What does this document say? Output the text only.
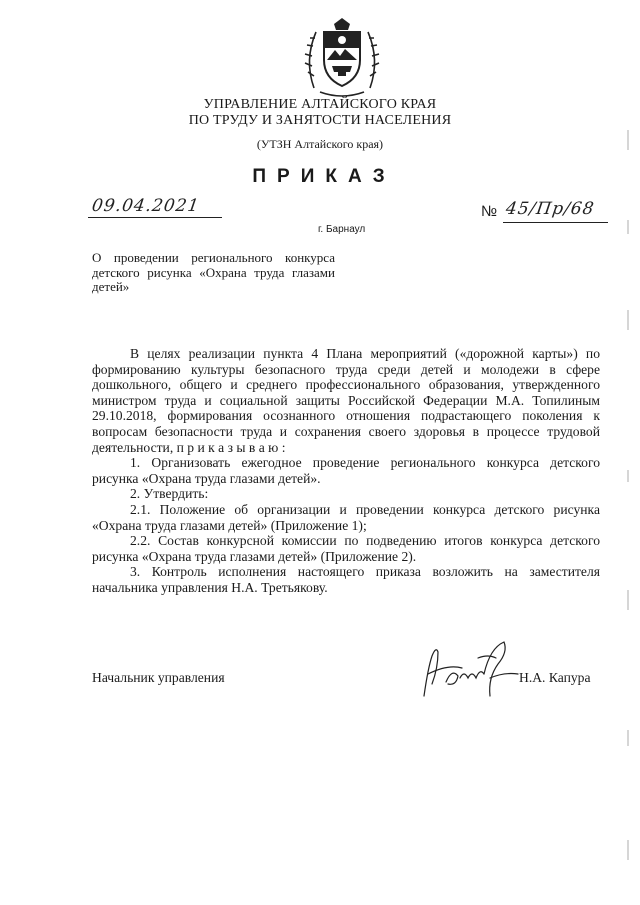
УПРАВЛЕНИЕ АЛТАЙСКОГО КРАЯ
ПО ТРУДУ И ЗАНЯТОСТИ НАСЕЛЕНИЯ
(УТЗН Алтайского края)
ПРИКАЗ
09.04.2021
г. Барнаул
№ 45/Пр/68
О проведении регионального конкурса детского рисунка «Охрана труда глазами детей»

В целях реализации пункта 4 Плана мероприятий («дорожной карты») по формированию культуры безопасного труда среди детей и молодежи в сфере дошкольного, общего и среднего профессионального образования, утвержденного министром труда и социальной защиты Российской Федерации М.А. Топилиным 29.10.2018, формирования осознанного отношения подрастающего поколения к вопросам безопасности труда и сохранения своего здоровья в процессе трудовой деятельности, п р и к а з ы в а ю :

1. Организовать ежегодное проведение регионального конкурса детского рисунка «Охрана труда глазами детей».

2. Утвердить:

2.1. Положение об организации и проведении конкурса детского рисунка «Охрана труда глазами детей» (Приложение 1);

2.2. Состав конкурсной комиссии по подведению итогов конкурса детского рисунка «Охрана труда глазами детей» (Приложение 2).

3. Контроль исполнения настоящего приказа возложить на заместителя начальника управления Н.А. Третьякову.

Начальник управления	Н.А. Капура
